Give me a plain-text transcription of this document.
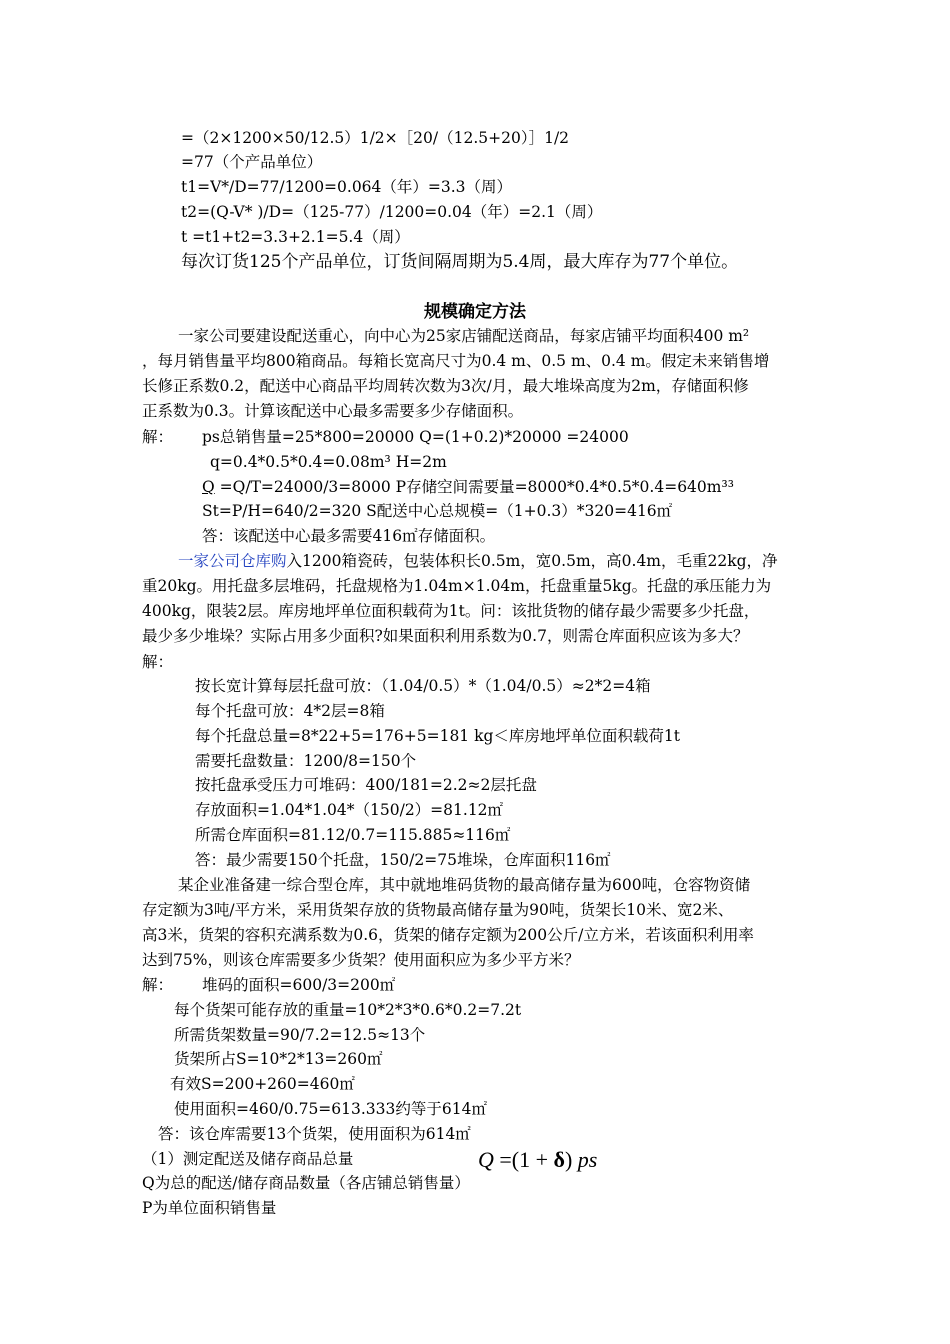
=（2×1200×50/12.5）1/2×［20/（12.5+20）］1/2
=77（个产品单位）
t1=V*/D=77/1200=0.064（年）=3.3（周）
t2=(Q-V* )/D=（125-77）/1200=0.04（年）=2.1（周）
t =t1+t2=3.3+2.1=5.4（周）
每次订货125个产品单位，订货间隔周期为5.4周，最大库存为77个单位。
规模确定方法
一家公司要建设配送重心，向中心为25家店铺配送商品，每家店铺平均面积400 m²
，每月销售量平均800箱商品。每箱长宽高尺寸为0.4 m、0.5 m、0.4 m。假定未来销售增
长修正系数0.2，配送中心商品平均周转次数为3次/月，最大堆垛高度为2m，存储面积修
正系数为0.3。计算该配送中心最多需要多少存储面积。
解： ps总销售量=25*800=20000 Q=(1+0.2)*20000 =24000
q=0.4*0.5*0.4=0.08m³ H=2m
Q =Q/T=24000/3=8000 P存储空间需要量=8000*0.4*0.5*0.4=640m³³
St=P/H=640/2=320 S配送中心总规模=（1+0.3）*320=416㎡
答：该配送中心最多需要416㎡存储面积。
一家公司仓库购入1200箱瓷砖，包装体积长0.5m，宽0.5m，高0.4m，毛重22kg，净
重20kg。用托盘多层堆码，托盘规格为1.04m×1.04m，托盘重量5kg。托盘的承压能力为
400kg，限装2层。库房地坪单位面积载荷为1t。问：该批货物的储存最少需要多少托盘，
最少多少堆垛？实际占用多少面积?如果面积利用系数为0.7，则需仓库面积应该为多大？
解：
按长宽计算每层托盘可放：（1.04/0.5）*（1.04/0.5）≈2*2=4箱
每个托盘可放：4*2层=8箱
每个托盘总量=8*22+5=176+5=181 kg＜库房地坪单位面积载荷1t
需要托盘数量：1200/8=150个
按托盘承受压力可堆码：400/181=2.2≈2层托盘
存放面积=1.04*1.04*（150/2）=81.12㎡
所需仓库面积=81.12/0.7=115.885≈116㎡
答：最少需要150个托盘，150/2=75堆垛，仓库面积116㎡
某企业准备建一综合型仓库，其中就地堆码货物的最高储存量为600吨，仓容物资储
存定额为3吨/平方米，采用货架存放的货物最高储存量为90吨，货架长10米、宽2米、
高3米，货架的容积充满系数为0.6，货架的储存定额为200公斤/立方米，若该面积利用率
达到75%，则该仓库需要多少货架？使用面积应为多少平方米？
解： 堆码的面积=600/3=200㎡
每个货架可能存放的重量=10*2*3*0.6*0.2=7.2t
所需货架数量=90/7.2=12.5≈13个
货架所占S=10*2*13=260㎡
有效S=200+260=460㎡
使用面积=460/0.75=613.333约等于614㎡
答：该仓库需要13个货架，使用面积为614㎡
（1）测定配送及储存商品总量	Q =(1 + δ) ps
Q为总的配送/储存商品数量（各店铺总销售量）
P为单位面积销售量
